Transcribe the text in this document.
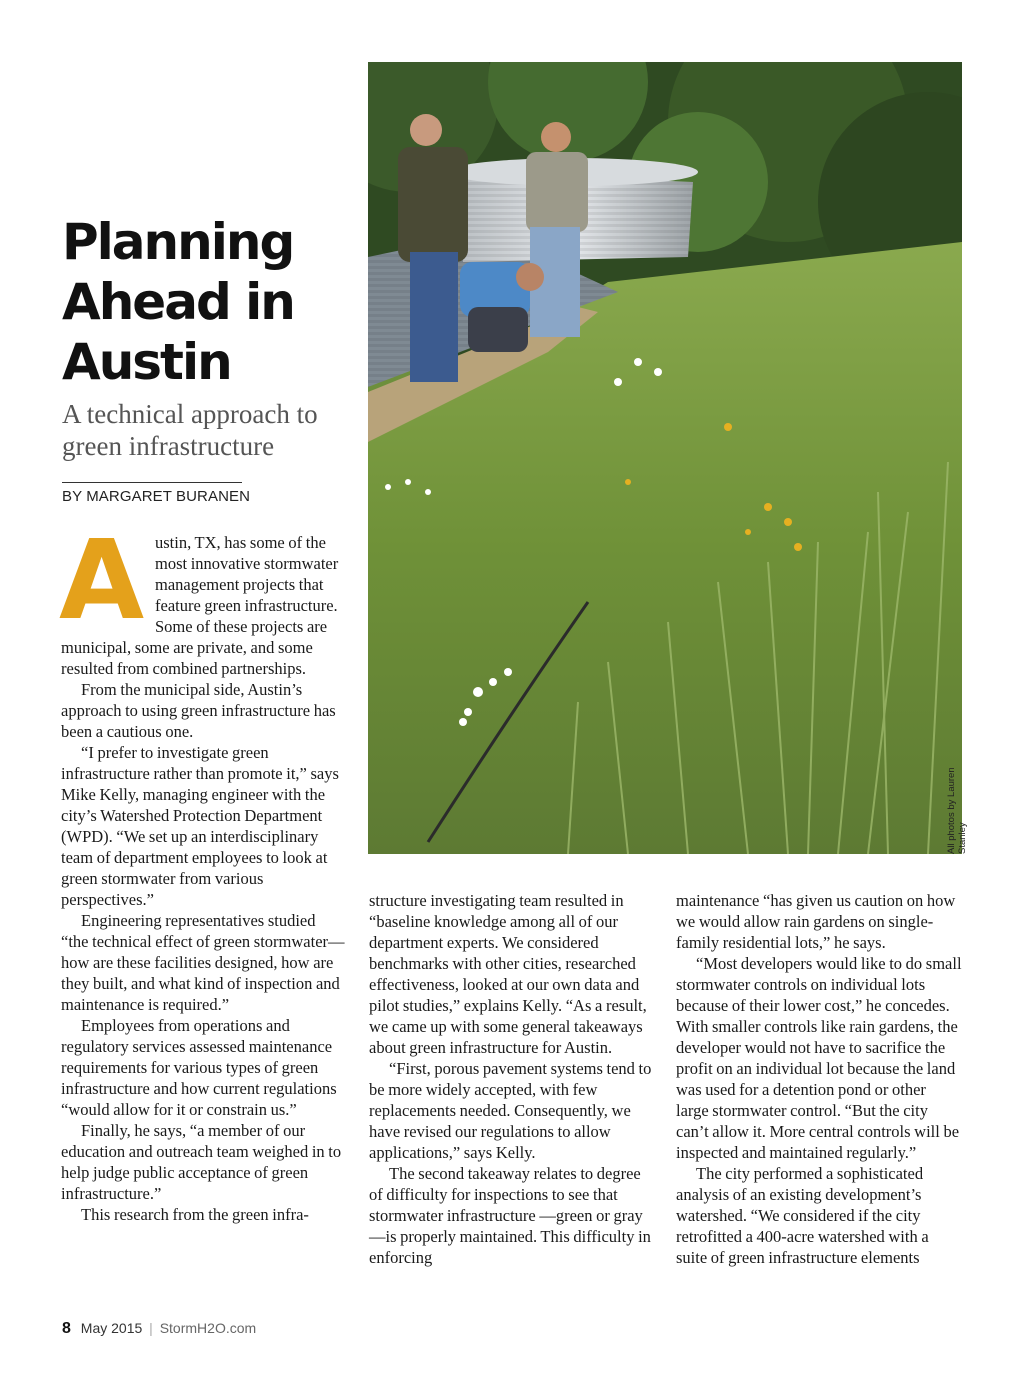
Planning
Ahead in
Austin
A technical approach to
green infrastructure
BY MARGARET BURANEN
A ustin, TX, has some of the most innovative stormwater management projects that feature green infrastructure. Some of these projects are municipal, some are private, and some resulted from combined partnerships.

From the municipal side, Austin’s approach to using green infrastructure has been a cautious one.

“I prefer to investigate green infrastructure rather than promote it,” says Mike Kelly, managing engineer with the city’s Watershed Protection Department (WPD). “We set up an interdisciplinary team of department employees to look at green stormwater from various perspectives.”

Engineering representatives studied “the technical effect of green stormwater—how are these facilities designed, how are they built, and what kind of inspection and maintenance is required.”

Employees from operations and regulatory services assessed maintenance requirements for various types of green infrastructure and how current regulations “would allow for it or constrain us.”

Finally, he says, “a member of our education and outreach team weighed in to help judge public acceptance of green infrastructure.”

This research from the green infra-

structure investigating team resulted in “baseline knowledge among all of our department experts. We considered benchmarks with other cities, researched effectiveness, looked at our own data and pilot studies,” explains Kelly. “As a result, we came up with some general takeaways about green infrastructure for Austin.

“First, porous pavement systems tend to be more widely accepted, with few replacements needed. Consequently, we have revised our regulations to allow applications,” says Kelly.

The second takeaway relates to degree of difficulty for inspections to see that stormwater infrastructure —green or gray—is properly maintained. This difficulty in enforcing

maintenance “has given us caution on how we would allow rain gardens on single-family residential lots,” he says.

“Most developers would like to do small stormwater controls on individual lots because of their lower cost,” he concedes. With smaller controls like rain gardens, the developer would not have to sacrifice the profit on an individual lot because the land was used for a detention pond or other large stormwater control. “But the city can’t allow it. More central controls will be inspected and maintained regularly.”

The city performed a sophisticated analysis of an existing development’s watershed. “We considered if the city retrofitted a 400-acre watershed with a suite of green infrastructure elements

All photos by Lauren Stanley
8 May 2015 | StormH2O.com
